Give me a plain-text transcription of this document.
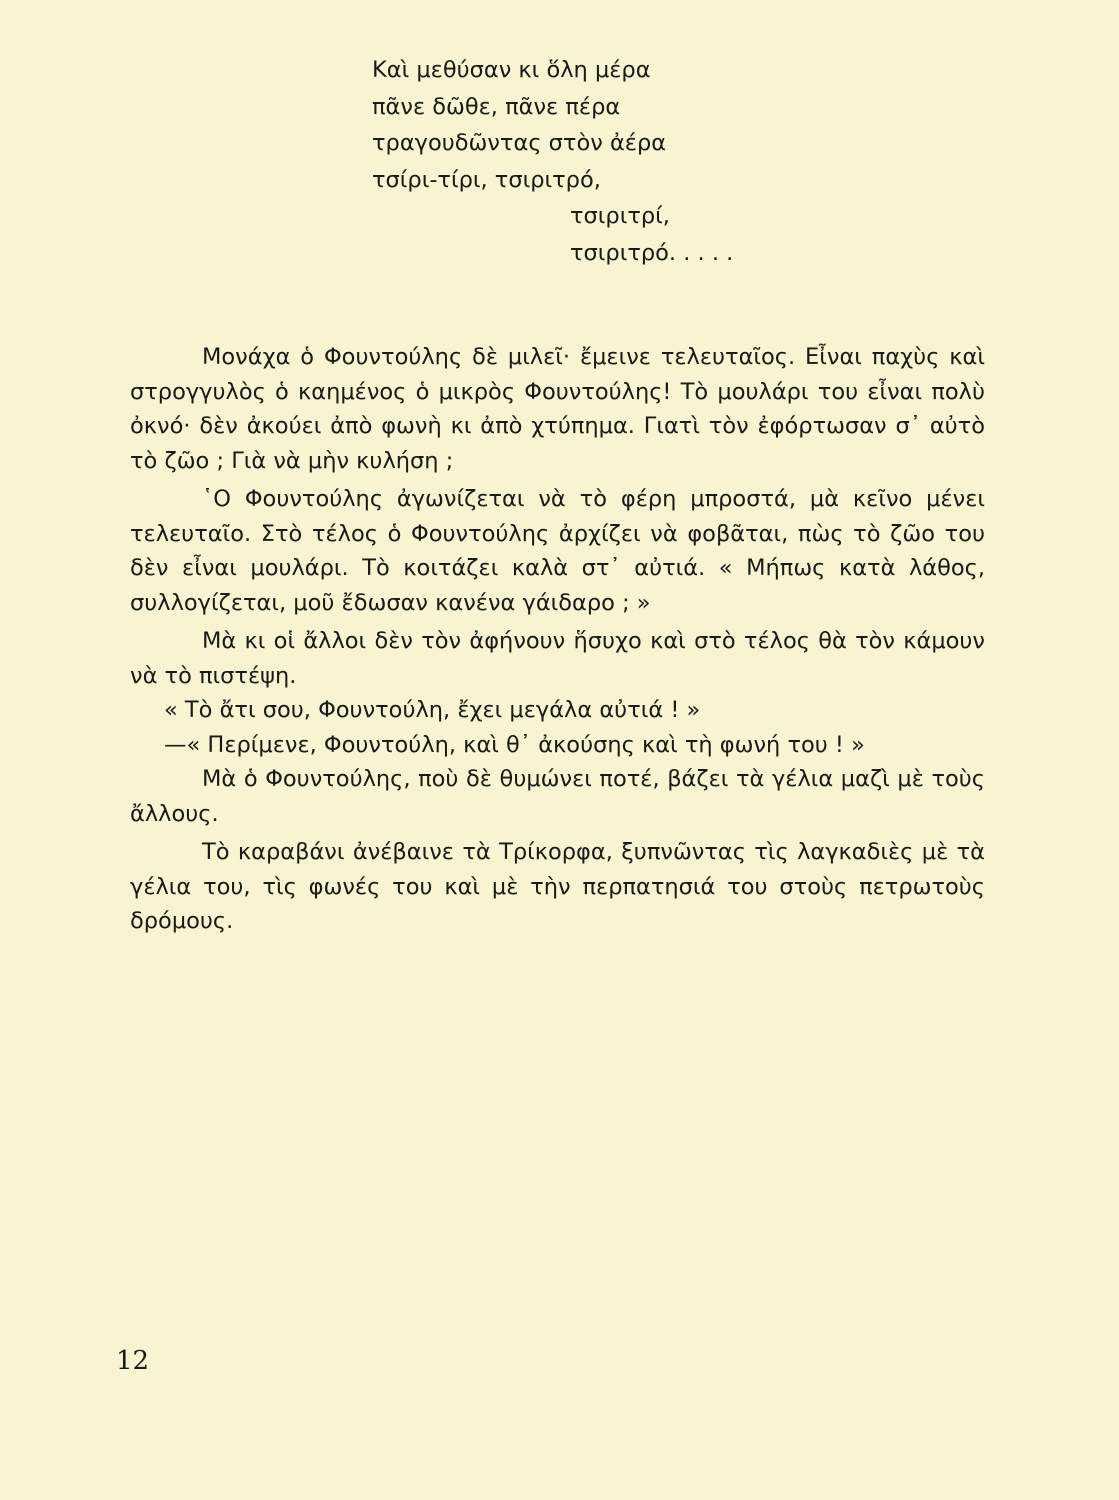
Καὶ μεθύσαν κι ὅλη μέρα
πᾶνε δῶθε, πᾶνε πέρα
τραγουδῶντας στὸν ἀέρα
τσίρι-τίρι, τσιριτρό,
τσιριτρί,
τσιριτρό. . . . .

Μονάχα ὁ Φουντούλης δὲ μιλεῖ· ἔμεινε τελευταῖος. Εἶναι παχὺς καὶ στρογγυλὸς ὁ καημένος ὁ μικρὸς Φουντούλης! Τὸ μουλάρι του εἶναι πολὺ ὀκνό· δὲν ἀκούει ἀπὸ φωνὴ κι ἀπὸ χτύπημα. Γιατὶ τὸν ἐφόρτωσαν σ᾽ αὐτὸ τὸ ζῶο ; Γιὰ νὰ μὴν κυλήση ;

῾Ο Φουντούλης ἀγωνίζεται νὰ τὸ φέρη μπροστά, μὰ κεῖνο μένει τελευταῖο. Στὸ τέλος ὁ Φουντούλης ἀρχίζει νὰ φοβᾶται, πὼς τὸ ζῶο του δὲν εἶναι μουλάρι. Τὸ κοιτάζει καλὰ στ᾽ αὐτιά. « Μήπως κατὰ λάθος, συλλογίζεται, μοῦ ἔδωσαν κανένα γάιδαρο ; »

Μὰ κι οἱ ἄλλοι δὲν τὸν ἀφήνουν ἥσυχο καὶ στὸ τέλος θὰ τὸν κάμουν νὰ τὸ πιστέψη.

« Τὸ ἄτι σου, Φουντούλη, ἔχει μεγάλα αὐτιά ! »

—« Περίμενε, Φουντούλη, καὶ θ᾽ ἀκούσης καὶ τὴ φωνή του ! »

Μὰ ὁ Φουντούλης, ποὺ δὲ θυμώνει ποτέ, βάζει τὰ γέλια μαζὶ μὲ τοὺς ἄλλους.

Τὸ καραβάνι ἀνέβαινε τὰ Τρίκορφα, ξυπνῶντας τὶς λαγκαδιὲς μὲ τὰ γέλια του, τὶς φωνές του καὶ μὲ τὴν περπατησιά του στοὺς πετρωτοὺς δρόμους.

12
